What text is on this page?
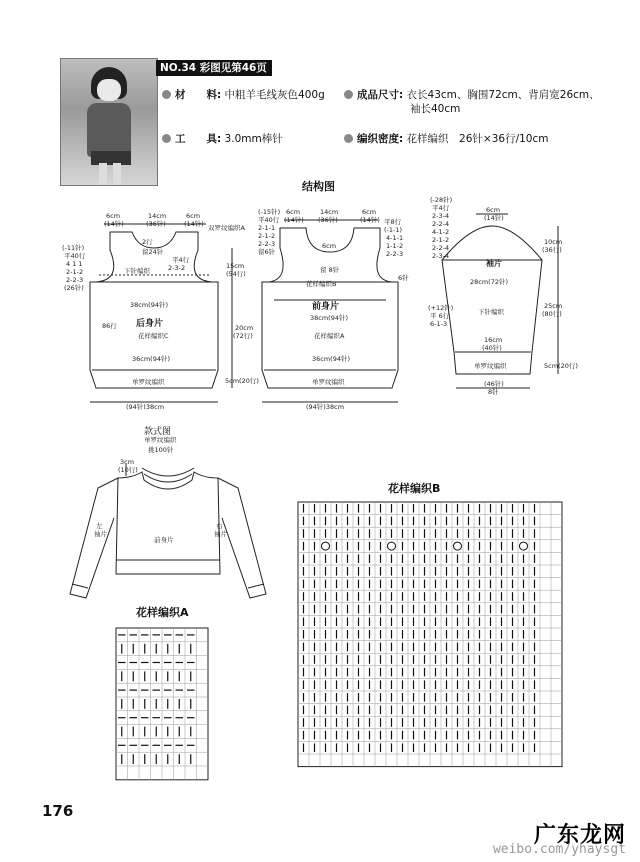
NO.34 彩图见第46页
材　　料: 中粗羊毛线灰色400g
工　　具: 3.0mm棒针
成品尺寸: 衣长43cm、胸围72cm、背肩宽26cm、
袖长40cm
编织密度: 花样编织　26针×36行/10cm
结构图
14cm
(36针)
6cm
(14针)
6cm
(14针)
2行
留24针
平4行
2-3-2
双罗纹编织A
下针编织
38cm(94针)
后身片
花样编织C
36cm(94针)
单罗纹编织
(94针)38cm
15cm
(54行)
20cm
(72行)
5cm(20行)
86行
(-11针)
平40行
4 1 1
2-1-2
2-2-3
(26针)
(-15针)
平40行
2-1-1
2-1-2
2-2-3
留6针
14cm
(36针)
6cm
(14针)
6cm
(14针)
6cm
留 8针
平8行
(-1-1)
4-1-1
1-1-2
2-2-3
6针
花样编织B
前身片
38cm(94针)
花样编织A
36cm(94针)
单罗纹编织
(94针)38cm
(-28针)
平4行
2-3-4
2-2-4
4-1-2
2-1-2
2-2-4
2-3-4
6cm
(14针)
10cm
(36行)
袖片
28cm(72针)
下针编织
(+12针)
平 6行
6-1-3
16cm
(40针)
25cm
(80行)
5cm(20行)
单罗纹编织
(46针)
8针
款式图
单罗纹编织
挑100针
3cm
(10行)
左
袖片
右
袖片
前身片
花样编织B
花样编织A
176
广东龙网
weibo.com/yhaysgt
